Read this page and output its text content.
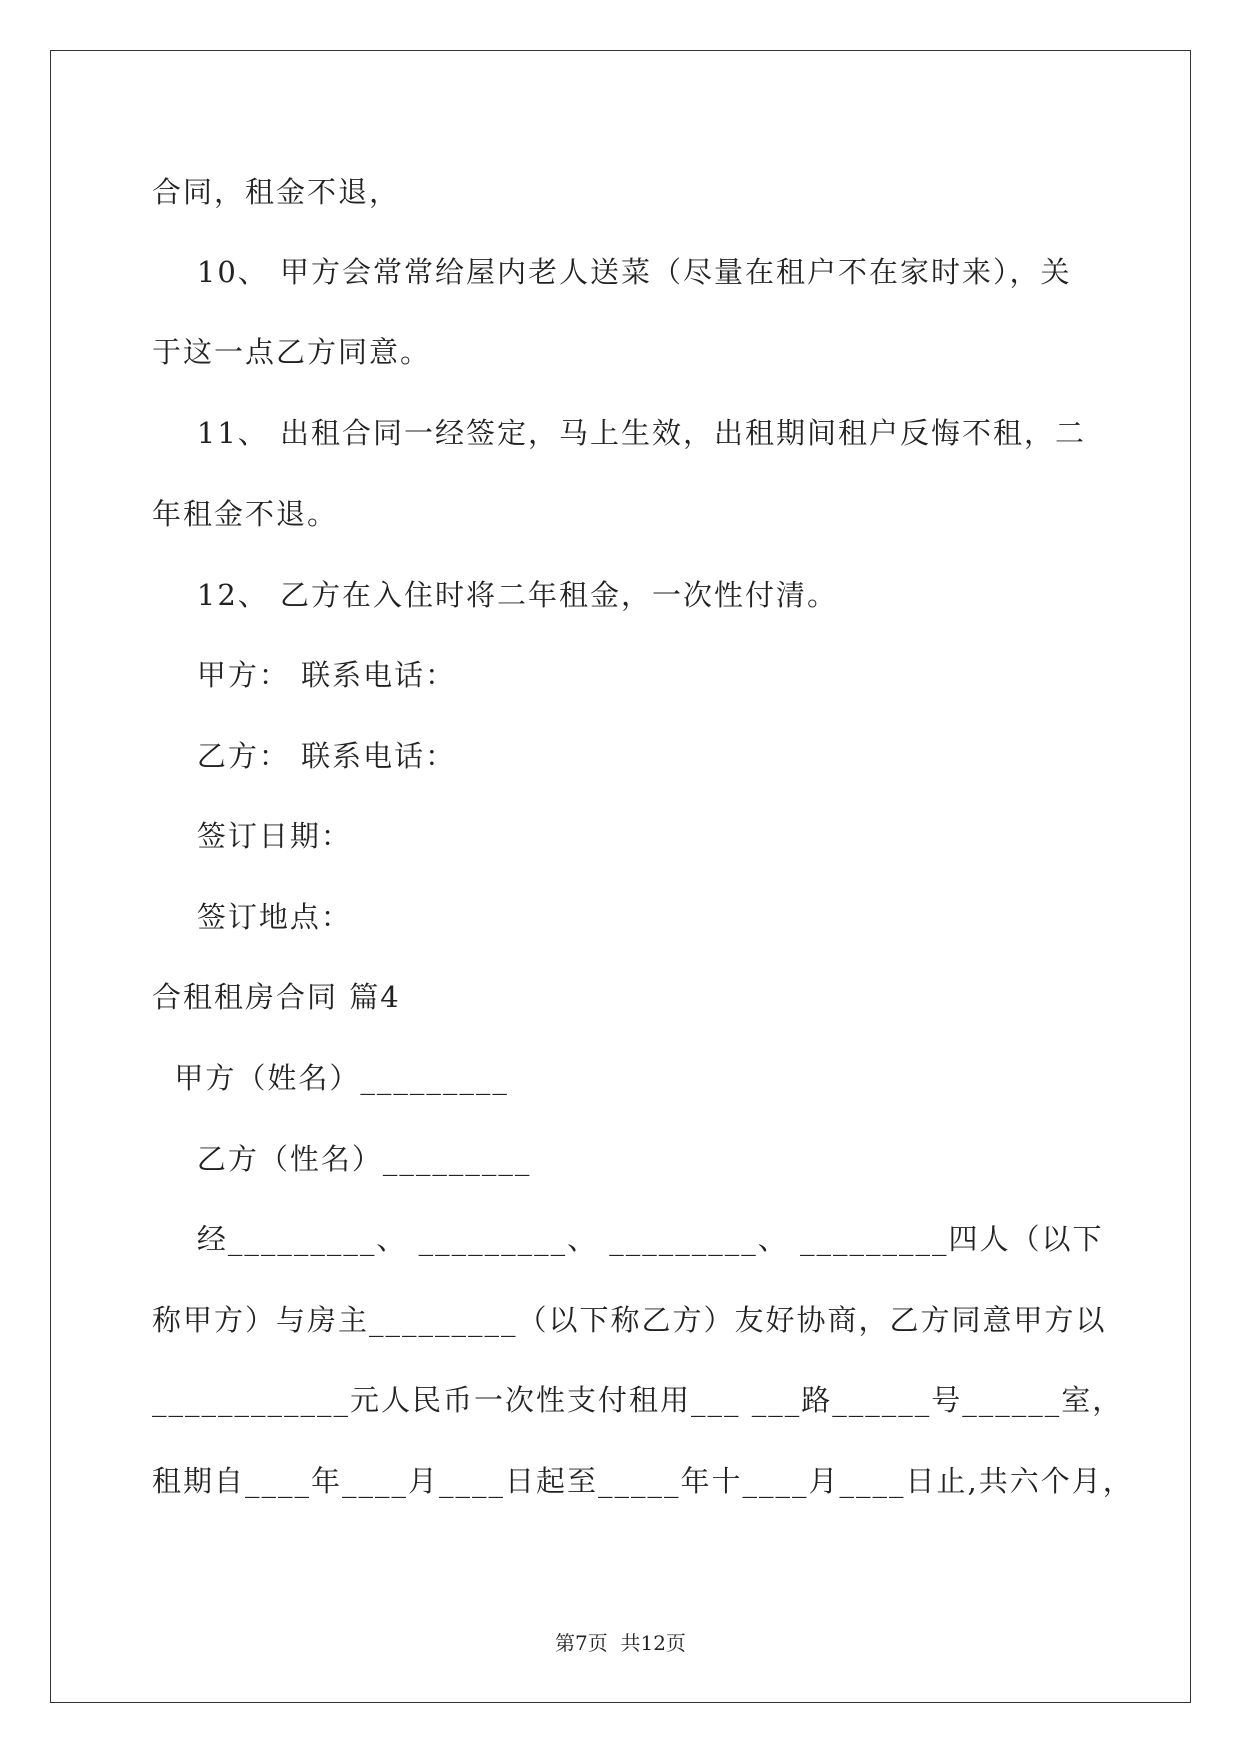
合同，租金不退，
10、 甲方会常常给屋内老人送菜（尽量在租户不在家时来），关
于这一点乙方同意。
11、 出租合同一经签定，马上生效，出租期间租户反悔不租，二
年租金不退。
12、 乙方在入住时将二年租金，一次性付清。
甲方： 联系电话：
乙方： 联系电话：
签订日期：
签订地点：
合租租房合同 篇4
甲方（姓名）_________
乙方（性名）_________
经_________、 _________、 _________、 _________四人（以下
称甲方）与房主_________（以下称乙方）友好协商，乙方同意甲方以
____________元人民币一次性支付租用___ ___路______号______室，
租期自____年____月____日起至_____年十____月____日止,共六个月，
第7页  共12页
